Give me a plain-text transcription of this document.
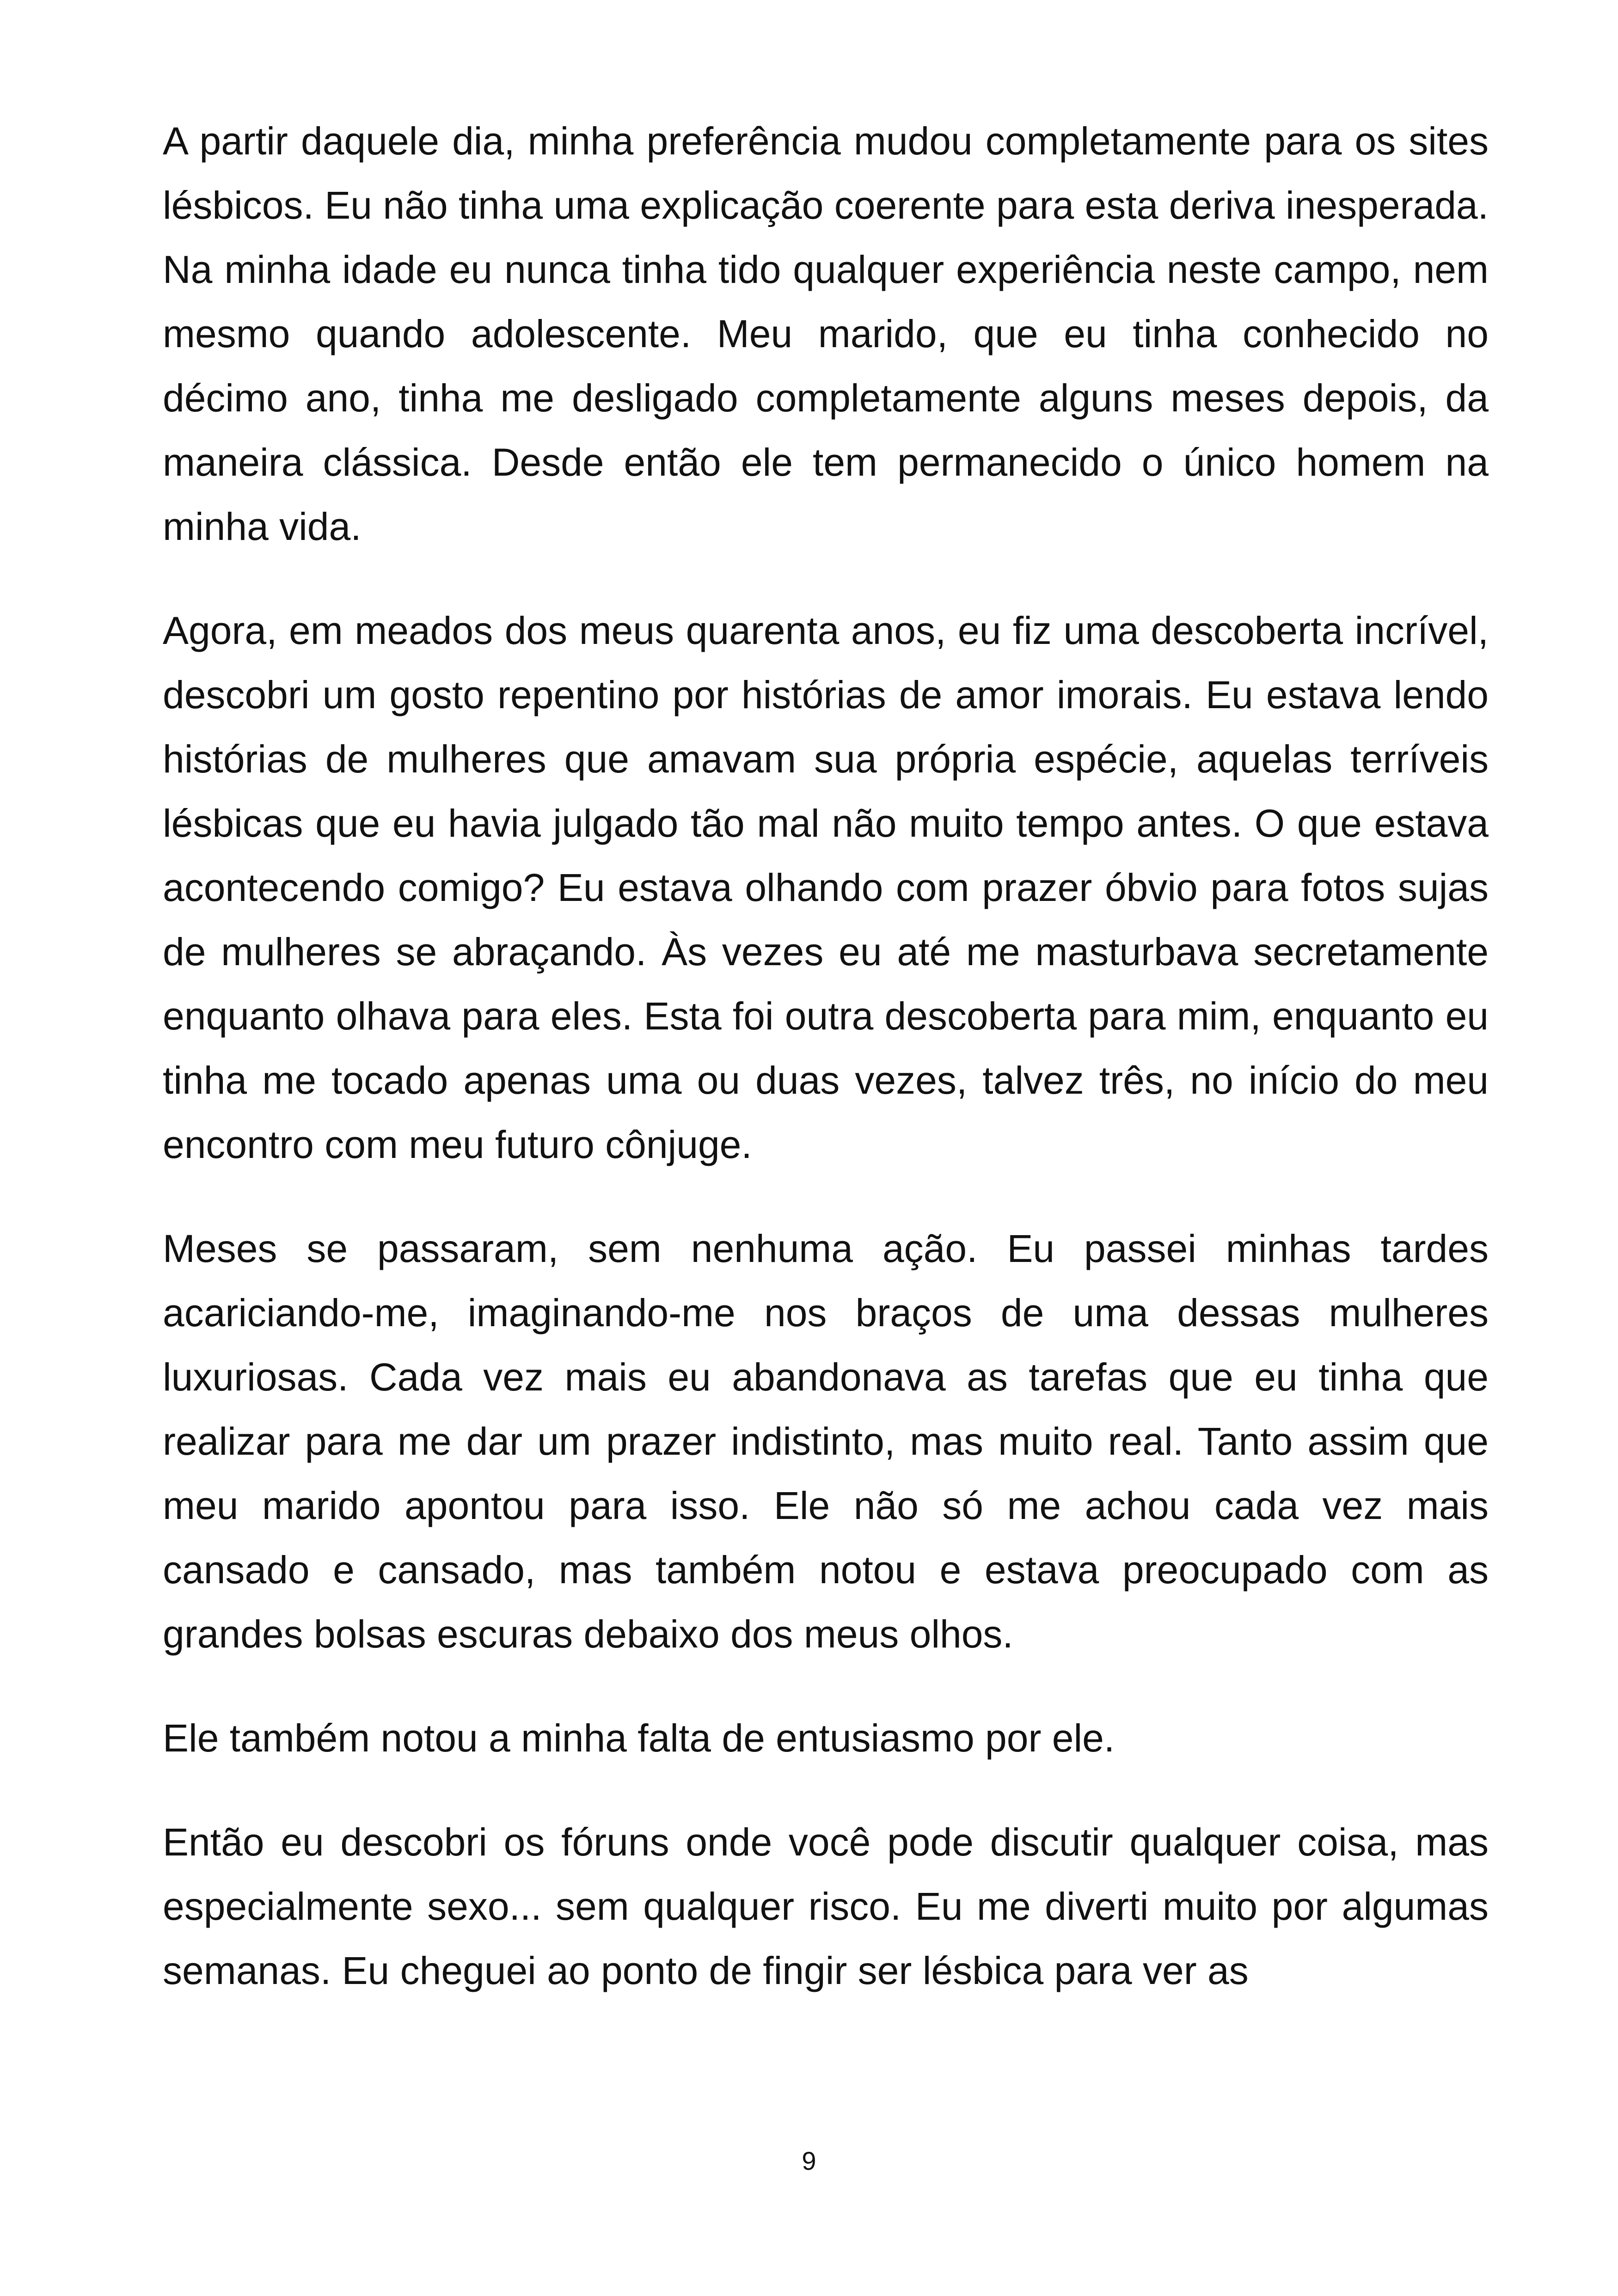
A partir daquele dia, minha preferência mudou completamente para os sites lésbicos. Eu não tinha uma explicação coerente para esta deriva inesperada. Na minha idade eu nunca tinha tido qualquer experiência neste campo, nem mesmo quando adolescente. Meu marido, que eu tinha conhecido no décimo ano, tinha me desligado completamente alguns meses depois, da maneira clássica. Desde então ele tem permanecido o único homem na minha vida.

Agora, em meados dos meus quarenta anos, eu fiz uma descoberta incrível, descobri um gosto repentino por histórias de amor imorais. Eu estava lendo histórias de mulheres que amavam sua própria espécie, aquelas terríveis lésbicas que eu havia julgado tão mal não muito tempo antes. O que estava acontecendo comigo? Eu estava olhando com prazer óbvio para fotos sujas de mulheres se abraçando. Às vezes eu até me masturbava secretamente enquanto olhava para eles. Esta foi outra descoberta para mim, enquanto eu tinha me tocado apenas uma ou duas vezes, talvez três, no início do meu encontro com meu futuro cônjuge.

Meses se passaram, sem nenhuma ação. Eu passei minhas tardes acariciando-me, imaginando-me nos braços de uma dessas mulheres luxuriosas. Cada vez mais eu abandonava as tarefas que eu tinha que realizar para me dar um prazer indistinto, mas muito real. Tanto assim que meu marido apontou para isso. Ele não só me achou cada vez mais cansado e cansado, mas também notou e estava preocupado com as grandes bolsas escuras debaixo dos meus olhos.

Ele também notou a minha falta de entusiasmo por ele.

Então eu descobri os fóruns onde você pode discutir qualquer coisa, mas especialmente sexo... sem qualquer risco. Eu me diverti muito por algumas semanas. Eu cheguei ao ponto de fingir ser lésbica para ver as

9
